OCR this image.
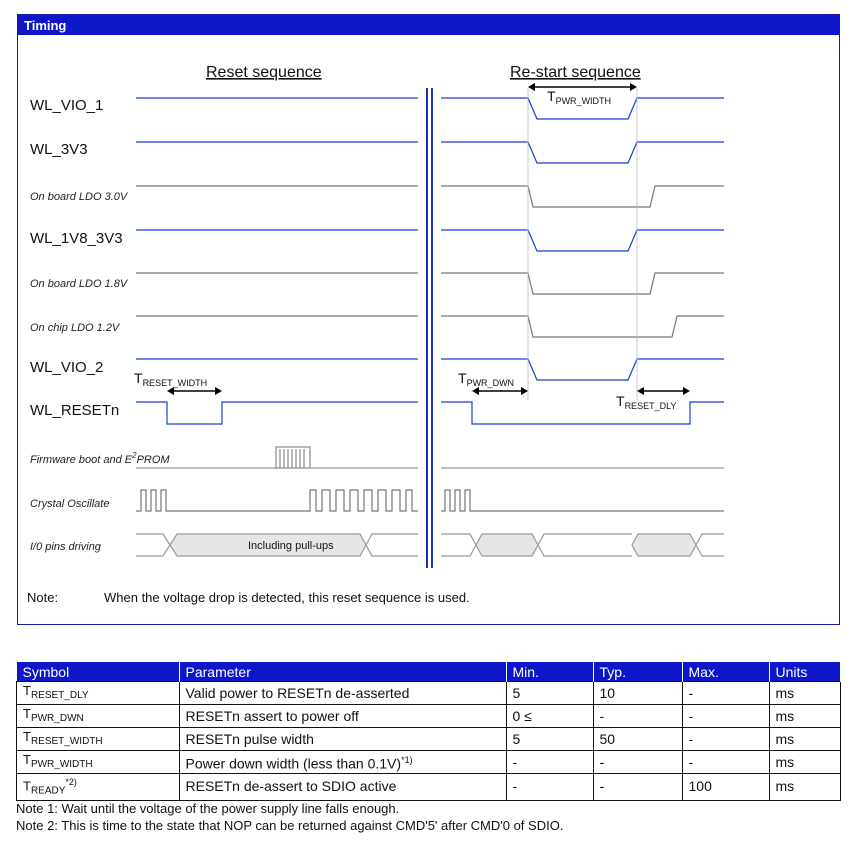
Timing
Reset sequence	Re-start sequence
WL_VIO_1
WL_3V3
On board LDO 3.0V
WL_1V8_3V3
On board LDO 1.8V
On chip LDO 1.2V
WL_VIO_2
WL_RESETn
Firmware boot and $E^2PROM$
Crystal Oscillate
I/0 pins driving
$T_{PWR\_WIDTH}$
$T_{RESET\_WIDTH}$	$T_{PWR\_DWN}$
$T_{RESET\_DLY}$
Including pull-ups
Note:	When the voltage drop is detected, this reset sequence is used.
Symbol	Parameter	Min.	Typ.	Max.	Units
$T_{RESET\_DLY}$	Valid power to RESETn de-asserted	5	10	-	ms
$T_{PWR\_DWN}$	RESETn assert to power off	0 ≤	-	-	ms
$T_{RESET\_WIDTH}$	RESETn pulse width	5	50	-	ms
$T_{PWR\_WIDTH}$	Power down width (less than 0.1V)$^{*1)}$	-	-	-	ms
$T_{READY}^{*2)}$	RESETn de-assert to SDIO active	-	-	100	ms
Note 1: Wait until the voltage of the power supply line falls enough.
Note 2: This is time to the state that NOP can be returned against CMD'5' after CMD'0 of SDIO.
